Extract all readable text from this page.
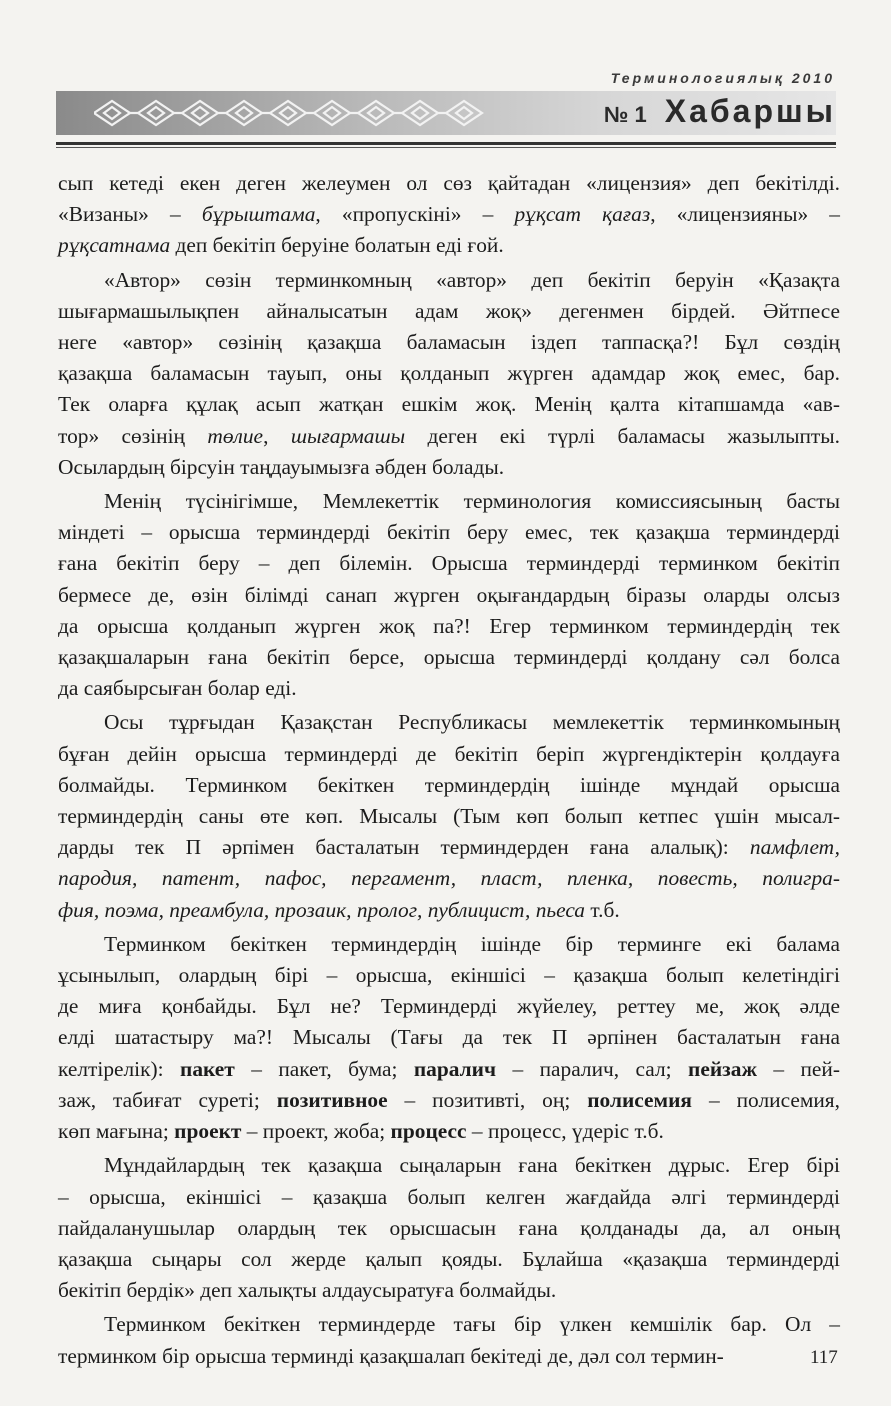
Терминологиялық 2010
№ 1 Хабаршы
сып кетеді екен деген желеумен ол сөз қайтадан «лицензия» деп бекітілді.
«Визаны» – бұрыштама, «пропускіні» – рұқсат қағаз, «лицензияны» –
рұқсатнама деп бекітіп беруіне болатын еді ғой.
«Автор» сөзін терминкомның «автор» деп бекітіп беруін «Қазақта
шығармашылықпен айналысатын адам жоқ» дегенмен бірдей. Әйтпесе
неге «автор» сөзінің қазақша баламасын іздеп таппасқа?! Бұл сөздің
қазақша баламасын тауып, оны қолданып жүрген адамдар жоқ емес, бар.
Тек оларға құлақ асып жатқан ешкім жоқ. Менің қалта кітапшамда «ав-
тор» сөзінің төлие, шығармашы деген екі түрлі баламасы жазылыпты.
Осылардың бірсуін таңдауымызға әбден болады.
Менің түсінігімше, Мемлекеттік терминология комиссиясының басты
міндеті – орысша терминдерді бекітіп беру емес, тек қазақша терминдерді
ғана бекітіп беру – деп білемін. Орысша терминдерді терминком бекітіп
бермесе де, өзін білімді санап жүрген оқығандардың біразы оларды олсыз
да орысша қолданып жүрген жоқ па?! Егер терминком терминдердің тек
қазақшаларын ғана бекітіп берсе, орысша терминдерді қолдану сәл болса
да саябырсыған болар еді.
Осы тұрғыдан Қазақстан Республикасы мемлекеттік терминкомының
бұған дейін орысша терминдерді де бекітіп беріп жүргендіктерін қолдауға
болмайды. Терминком бекіткен терминдердің ішінде мұндай орысша
терминдердің саны өте көп. Мысалы (Тым көп болып кетпес үшін мысал-
дарды тек П әрпімен басталатын терминдерден ғана алалық): памфлет,
пародия, патент, пафос, пергамент, пласт, пленка, повесть, полигра-
фия, поэма, преамбула, прозаик, пролог, публицист, пьеса т.б.
Терминком бекіткен терминдердің ішінде бір терминге екі балама
ұсынылып, олардың бірі – орысша, екіншісі – қазақша болып келетіндігі
де миға қонбайды. Бұл не? Терминдерді жүйелеу, реттеу ме, жоқ әлде
елді шатастыру ма?! Мысалы (Тағы да тек П әрпінен басталатын ғана
келтірелік): пакет – пакет, бума; паралич – паралич, сал; пейзаж – пей-
заж, табиғат суреті; позитивное – позитивті, оң; полисемия – полисемия,
көп мағына; проект – проект, жоба; процесс – процесс, үдеріс т.б.
Мұндайлардың тек қазақша сыңаларын ғана бекіткен дұрыс. Егер бірі
– орысша, екіншісі – қазақша болып келген жағдайда әлгі терминдерді
пайдаланушылар олардың тек орысшасын ғана қолданады да, ал оның
қазақша сыңары сол жерде қалып қояды. Бұлайша «қазақша терминдерді
бекітіп бердік» деп халықты алдаусыратуға болмайды.
Терминком бекіткен терминдерде тағы бір үлкен кемшілік бар. Ол –
терминком бір орысша терминді қазақшалап бекітеді де, дәл сол термин-	117
